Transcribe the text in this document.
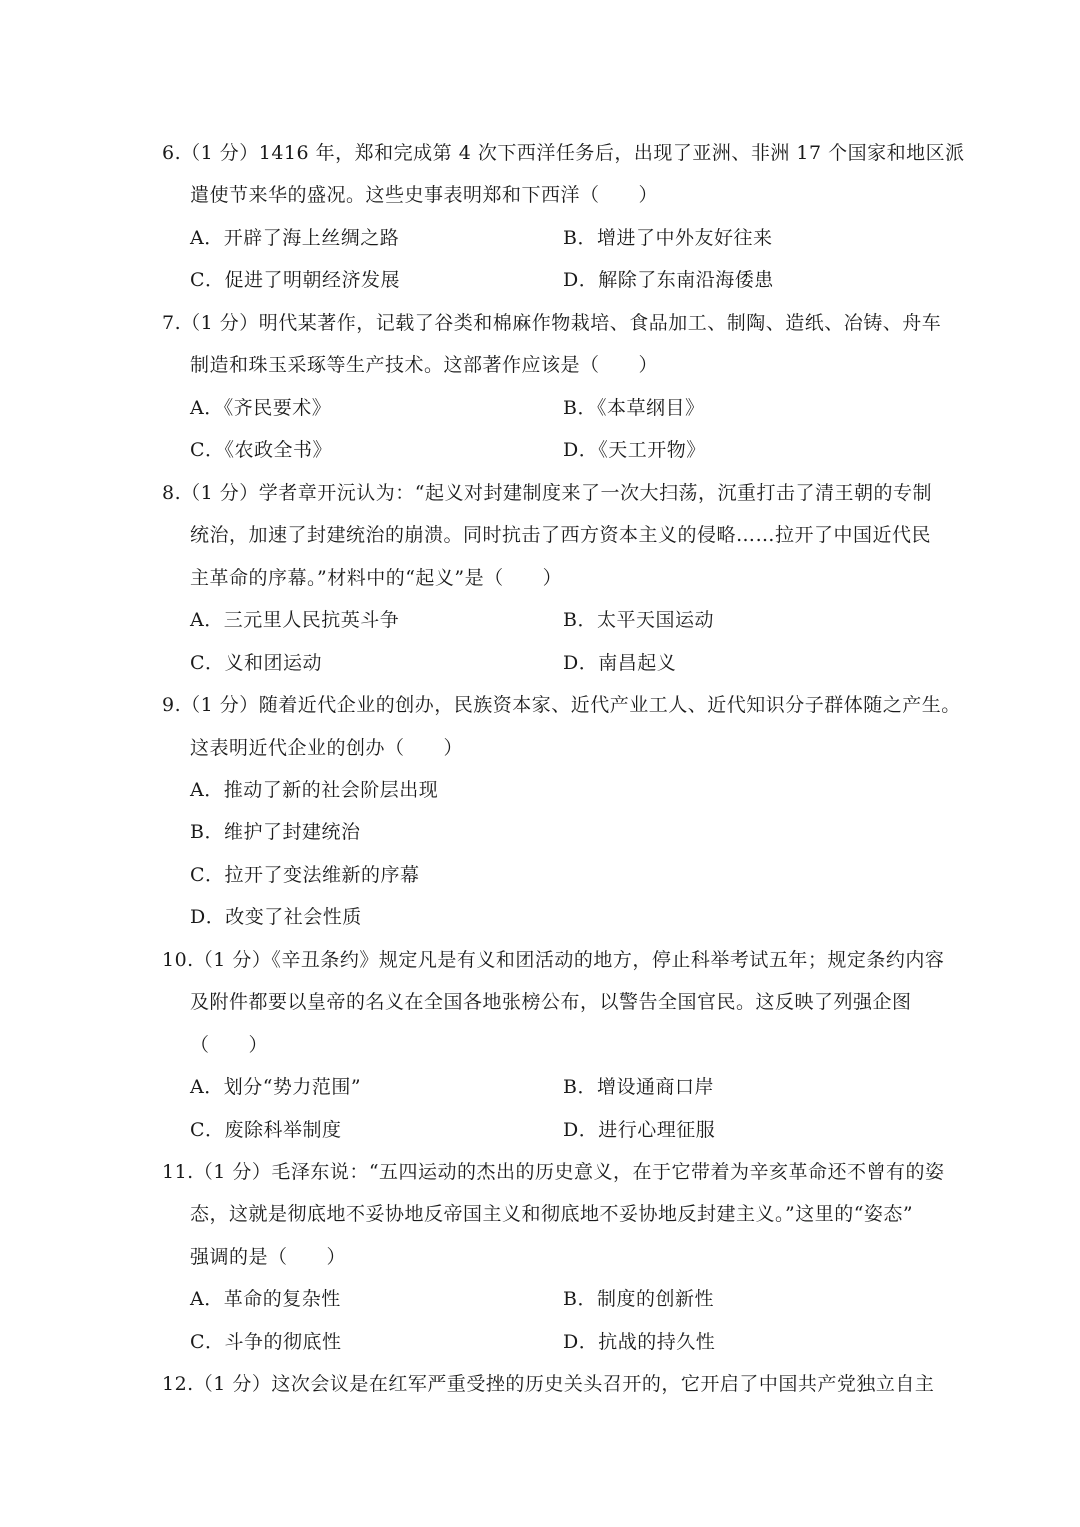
6.（1 分）1416 年，郑和完成第 4 次下西洋任务后，出现了亚洲、非洲 17 个国家和地区派
遣使节来华的盛况。这些史事表明郑和下西洋（　　）
A．开辟了海上丝绸之路	B．增进了中外友好往来
C．促进了明朝经济发展	D．解除了东南沿海倭患
7.（1 分）明代某著作，记载了谷类和棉麻作物栽培、食品加工、制陶、造纸、冶铸、舟车
制造和珠玉采琢等生产技术。这部著作应该是（　　）
A．《齐民要术》	B．《本草纲目》
C．《农政全书》	D．《天工开物》
8.（1 分）学者章开沅认为：“起义对封建制度来了一次大扫荡，沉重打击了清王朝的专制
统治，加速了封建统治的崩溃。同时抗击了西方资本主义的侵略……拉开了中国近代民
主革命的序幕。”材料中的“起义”是（　　）
A．三元里人民抗英斗争	B．太平天国运动
C．义和团运动	D．南昌起义
9.（1 分）随着近代企业的创办，民族资本家、近代产业工人、近代知识分子群体随之产生。
这表明近代企业的创办（　　）
A．推动了新的社会阶层出现
B．维护了封建统治
C．拉开了变法维新的序幕
D．改变了社会性质
10.（1 分）《辛丑条约》规定凡是有义和团活动的地方，停止科举考试五年；规定条约内容
及附件都要以皇帝的名义在全国各地张榜公布，以警告全国官民。这反映了列强企图
（　　）
A．划分“势力范围”	B．增设通商口岸
C．废除科举制度	D．进行心理征服
11.（1 分）毛泽东说：“五四运动的杰出的历史意义，在于它带着为辛亥革命还不曾有的姿
态，这就是彻底地不妥协地反帝国主义和彻底地不妥协地反封建主义。”这里的“姿态”
强调的是（　　）
A．革命的复杂性	B．制度的创新性
C．斗争的彻底性	D．抗战的持久性
12.（1 分）这次会议是在红军严重受挫的历史关头召开的，它开启了中国共产党独立自主
